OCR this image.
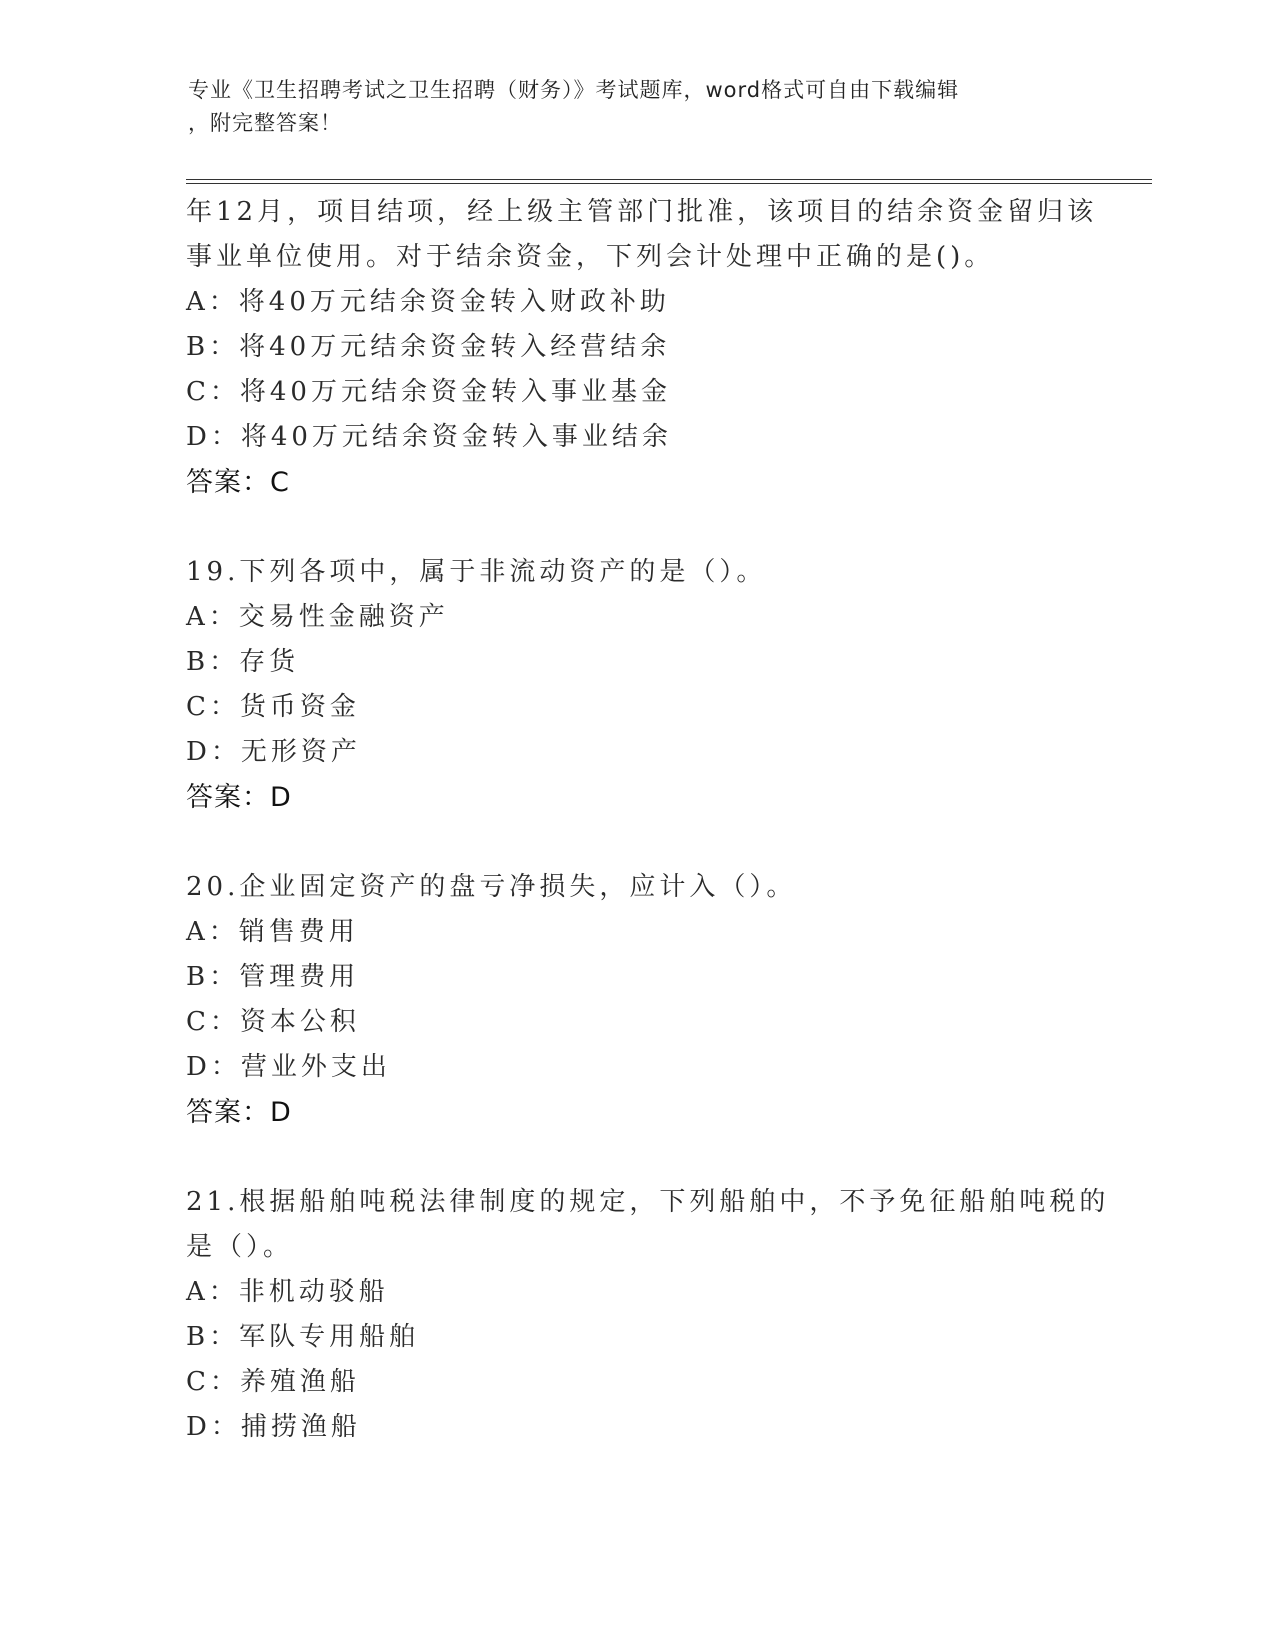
专业《卫生招聘考试之卫生招聘（财务）》考试题库，word格式可自由下载编辑
，附完整答案！
年12月，项目结项，经上级主管部门批准，该项目的结余资金留归该
事业单位使用。对于结余资金，下列会计处理中正确的是()。
A：将40万元结余资金转入财政补助
B：将40万元结余资金转入经营结余
C：将40万元结余资金转入事业基金
D：将40万元结余资金转入事业结余
答案：C
19.下列各项中，属于非流动资产的是（）。
A：交易性金融资产
B：存货
C：货币资金
D：无形资产
答案：D
20.企业固定资产的盘亏净损失，应计入（）。
A：销售费用
B：管理费用
C：资本公积
D：营业外支出
答案：D
21.根据船舶吨税法律制度的规定，下列船舶中，不予免征船舶吨税的
是（）。
A：非机动驳船
B：军队专用船舶
C：养殖渔船
D：捕捞渔船
